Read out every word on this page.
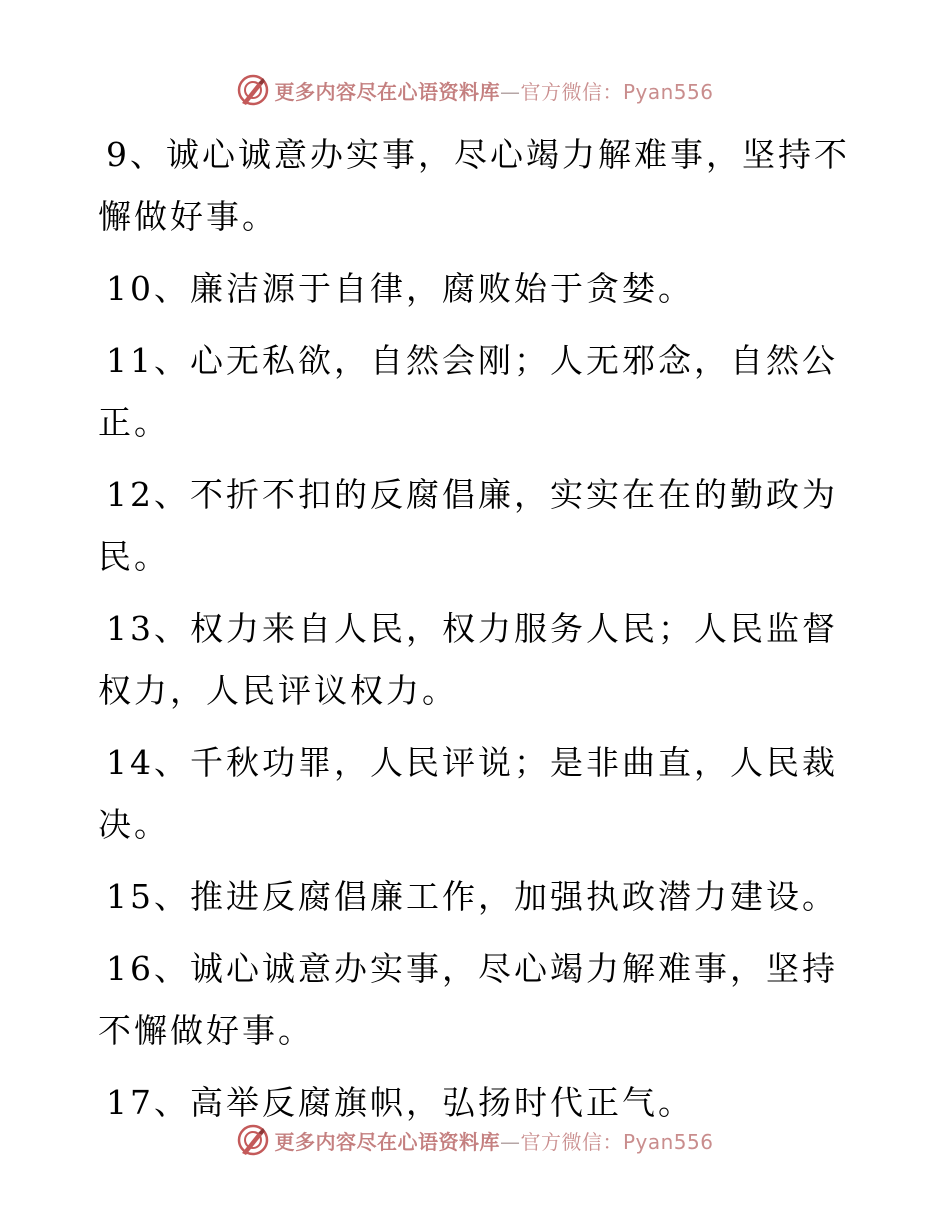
更多内容尽在心语资料库—官方微信：Pyan556

9、诚心诚意办实事，尽心竭力解难事，坚持不懈做好事。

10、廉洁源于自律，腐败始于贪婪。

11、心无私欲，自然会刚；人无邪念，自然公正。

12、不折不扣的反腐倡廉，实实在在的勤政为民。

13、权力来自人民，权力服务人民；人民监督权力，人民评议权力。

14、千秋功罪，人民评说；是非曲直，人民裁决。

15、推进反腐倡廉工作，加强执政潜力建设。

16、诚心诚意办实事，尽心竭力解难事，坚持不懈做好事。

17、高举反腐旗帜，弘扬时代正气。

更多内容尽在心语资料库—官方微信：Pyan556
